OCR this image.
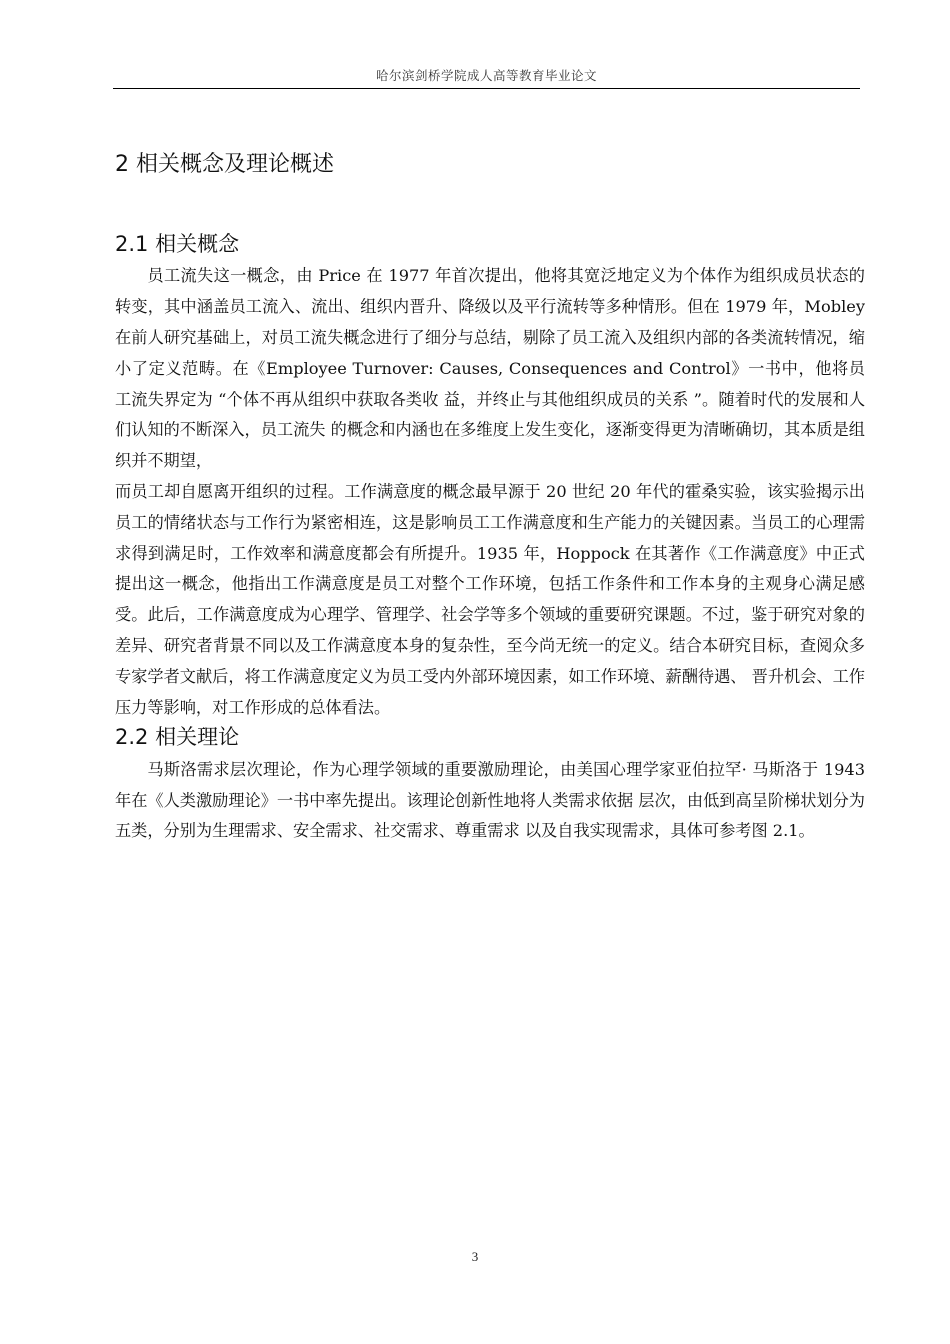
哈尔滨剑桥学院成人高等教育毕业论文
2 相关概念及理论概述
2.1 相关概念

员工流失这一概念，由 Price 在 1977 年首次提出，他将其宽泛地定义为个体作为组织成员状态的转变，其中涵盖员工流入、流出、组织内晋升、降级以及平行流转等多种情形。但在 1979 年，Mobley 在前人研究基础上，对员工流失概念进行了细分与总结，剔除了员工流入及组织内部的各类流转情况，缩小了定义范畴。在《Employee Turnover: Causes, Consequences and Control》一书中，他将员工流失界定为 “个体不再从组织中获取各类收 益，并终止与其他组织成员的关系 ”。随着时代的发展和人们认知的不断深入，员工流失 的概念和内涵也在多维度上发生变化，逐渐变得更为清晰确切，其本质是组织并不期望，

而员工却自愿离开组织的过程。工作满意度的概念最早源于 20 世纪 20 年代的霍桑实验，该实验揭示出员工的情绪状态与工作行为紧密相连，这是影响员工工作满意度和生产能力的关键因素。当员工的心理需求得到满足时，工作效率和满意度都会有所提升。1935 年，Hoppock 在其著作《工作满意度》中正式提出这一概念，他指出工作满意度是员工对整个工作环境，包括工作条件和工作本身的主观身心满足感受。此后，工作满意度成为心理学、管理学、社会学等多个领域的重要研究课题。不过，鉴于研究对象的差异、研究者背景不同以及工作满意度本身的复杂性，至今尚无统一的定义。结合本研究目标，查阅众多专家学者文献后，将工作满意度定义为员工受内外部环境因素，如工作环境、薪酬待遇、 晋升机会、工作压力等影响，对工作形成的总体看法。

2.2 相关理论

马斯洛需求层次理论，作为心理学领域的重要激励理论，由美国心理学家亚伯拉罕· 马斯洛于 1943 年在《人类激励理论》一书中率先提出。该理论创新性地将人类需求依据 层次，由低到高呈阶梯状划分为五类，分别为生理需求、安全需求、社交需求、尊重需求 以及自我实现需求，具体可参考图 2.1。

3
